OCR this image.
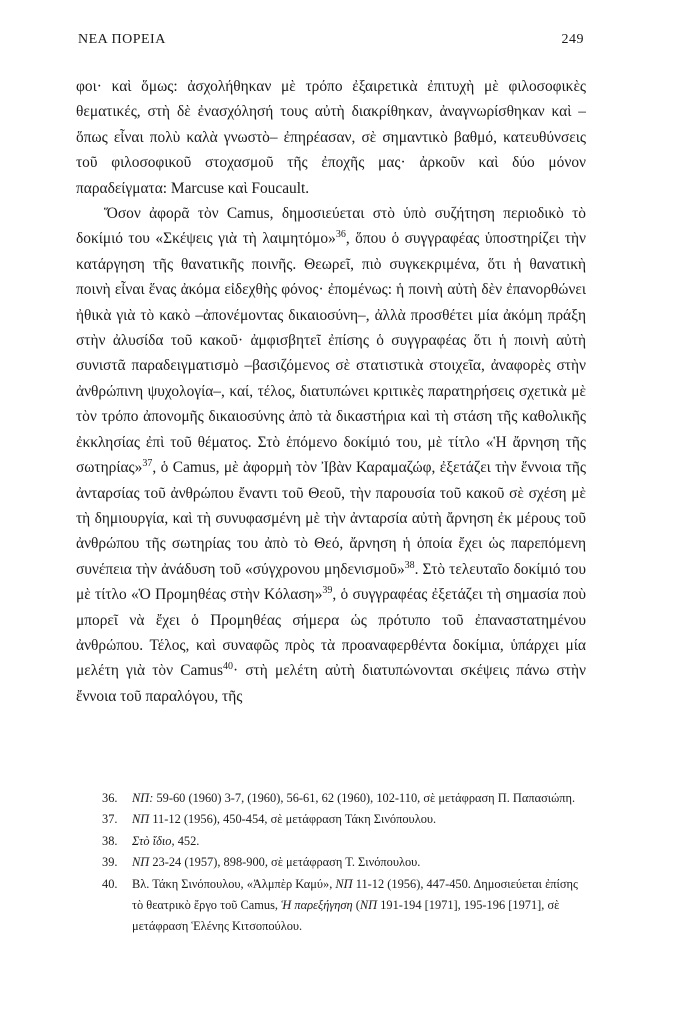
ΝΕΑ ΠΟΡΕΙΑ	249

φοι· καὶ ὅμως: ἀσχολήθηκαν μὲ τρόπο ἐξαιρετικὰ ἐπιτυχὴ μὲ φιλοσοφικὲς θεματικές, στὴ δὲ ἐνασχόλησή τους αὐτὴ διακρίθηκαν, ἀναγνωρίσθηκαν καὶ –ὅπως εἶναι πολὺ καλὰ γνωστὸ– ἐπηρέασαν, σὲ σημαντικὸ βαθμό, κατευθύνσεις τοῦ φιλοσοφικοῦ στοχασμοῦ τῆς ἐποχῆς μας· ἀρκοῦν καὶ δύο μόνον παραδείγματα: Marcuse καὶ Foucault.

Ὅσον ἀφορᾶ τὸν Camus, δημοσιεύεται στὸ ὑπὸ συζήτηση περιοδικὸ τὸ δοκίμιό του «Σκέψεις γιὰ τὴ λαιμητόμο»$^{36}$, ὅπου ὁ συγγραφέας ὑποστηρίζει τὴν κατάργηση τῆς θανατικῆς ποινῆς. Θεωρεῖ, πιὸ συγκεκριμένα, ὅτι ἡ θανατικὴ ποινὴ εἶναι ἕνας ἀκόμα εἰδεχθὴς φόνος· ἐπομένως: ἡ ποινὴ αὐτὴ δὲν ἐπανορθώνει ἠθικὰ γιὰ τὸ κακὸ –ἀπονέμοντας δικαιοσύνη–, ἀλλὰ προσθέτει μία ἀκόμη πράξη στὴν ἀλυσίδα τοῦ κακοῦ· ἀμφισβητεῖ ἐπίσης ὁ συγγραφέας ὅτι ἡ ποινὴ αὐτὴ συνιστᾶ παραδειγματισμὸ –βασιζόμενος σὲ στατιστικὰ στοιχεῖα, ἀναφορὲς στὴν ἀνθρώπινη ψυχολογία–, καί, τέλος, διατυπώνει κριτικὲς παρατηρήσεις σχετικὰ μὲ τὸν τρόπο ἀπονομῆς δικαιοσύνης ἀπὸ τὰ δικαστήρια καὶ τὴ στάση τῆς καθολικῆς ἐκκλησίας ἐπὶ τοῦ θέματος. Στὸ ἑπόμενο δοκίμιό του, μὲ τίτλο «Ἡ ἄρνηση τῆς σωτηρίας»$^{37}$, ὁ Camus, μὲ ἀφορμὴ τὸν Ἰβὰν Καραμαζώφ, ἐξετάζει τὴν ἔννοια τῆς ἀνταρσίας τοῦ ἀνθρώπου ἔναντι τοῦ Θεοῦ, τὴν παρουσία τοῦ κακοῦ σὲ σχέση μὲ τὴ δημιουργία, καὶ τὴ συνυφασμένη μὲ τὴν ἀνταρσία αὐτὴ ἄρνηση ἐκ μέρους τοῦ ἀνθρώπου τῆς σωτηρίας του ἀπὸ τὸ Θεό, ἄρνηση ἡ ὁποία ἔχει ὡς παρεπόμενη συνέπεια τὴν ἀνάδυση τοῦ «σύγχρονου μηδενισμοῦ»$^{38}$. Στὸ τελευταῖο δοκίμιό του μὲ τίτλο «Ὁ Προμηθέας στὴν Κόλαση»$^{39}$, ὁ συγγραφέας ἐξετάζει τὴ σημασία ποὺ μπορεῖ νὰ ἔχει ὁ Προμηθέας σήμερα ὡς πρότυπο τοῦ ἐπαναστατημένου ἀνθρώπου. Τέλος, καὶ συναφῶς πρὸς τὰ προαναφερθέντα δοκίμια, ὑπάρχει μία μελέτη γιὰ τὸν Camus$^{40}$· στὴ μελέτη αὐτὴ διατυπώνονται σκέψεις πάνω στὴν ἔννοια τοῦ παραλόγου, τῆς

36.	ΝΠ: 59-60 (1960) 3-7, (1960), 56-61, 62 (1960), 102-110, σὲ μετάφραση Π. Παπασιώπη.
37.	ΝΠ 11-12 (1956), 450-454, σὲ μετάφραση Τάκη Σινόπουλου.
38.	Στὸ ἴδιο, 452.
39.	ΝΠ 23-24 (1957), 898-900, σὲ μετάφραση Τ. Σινόπουλου.
40.	Βλ. Τάκη Σινόπουλου, «Ἀλμπὲρ Καμύ», ΝΠ 11-12 (1956), 447-450. Δημοσιεύεται ἐπίσης τὸ θεατρικὸ ἔργο τοῦ Camus, Ἡ παρεξήγηση (ΝΠ 191-194 [1971], 195-196 [1971], σὲ μετάφραση Ἑλένης Κιτσοπούλου.
